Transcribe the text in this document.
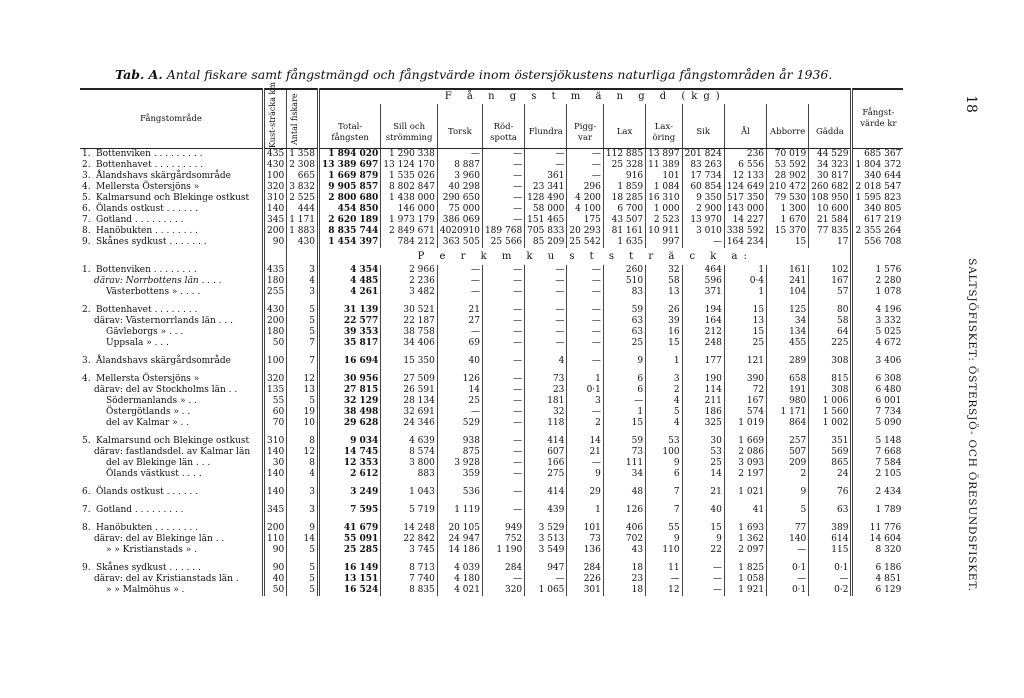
Tab. A. Antal fiskare samt fångstmängd och fångstvärde inom östersjökustens naturliga fångstområden år 1936.
18
SALTSJÖFISKET: ÖSTERSJÖ- OCH ÖRESUNDSFISKET.
Fångstområde	Kust-sträcka km	Antal fiskare	F å n g s t m ä n g d (kg)												Fångst-värde kr
			Total-fångsten	Sill och strömming	Torsk	Röd-spotta	Flundra	Pigg-var	Lax	Lax-öring	Sik	Ål	Abborre	Gädda	
1. Bottenviken . . . . . . . . .	435	1 358	1 894 020	1 290 338	—	—	—	—	112 885	13 897	201 824	236	70 019	44 529	685 367
2. Bottenhavet . . . . . . . . .	430	2 308	13 389 697	13 124 170	8 887	—	—	—	25 328	11 389	83 263	6 556	53 592	34 323	1 804 372
3. Ålandshavs skärgårdsområde	100	665	1 669 879	1 535 026	3 960	—	361	—	916	101	17 734	12 133	28 902	30 817	340 644
4. Mellersta Östersjöns »	320	3 832	9 905 857	8 802 847	40 298	—	23 341	296	1 859	1 084	60 854	124 649	210 472	260 682	2 018 547
5. Kalmarsund och Blekinge ostkust	310	2 525	2 800 680	1 438 000	290 650	—	128 490	4 200	18 285	16 310	9 350	517 350	79 530	108 950	1 595 823
6. Ölands ostkust . . . . . .	140	444	454 850	146 000	75 000	—	58 000	4 100	6 700	1 000	2 900	143 000	1 300	10 600	340 805
7. Gotland . . . . . . . . .	345	1 171	2 620 189	1 973 179	386 069	—	151 465	175	43 507	2 523	13 970	14 227	1 670	21 584	617 219
8. Hanöbukten . . . . . . . .	200	1 883	8 835 744	2 849 671	4020910	189 768	705 833	20 293	81 161	10 911	3 010	338 592	15 370	77 835	2 355 264
9. Skånes sydkust . . . . . . .	90	430	1 454 397	784 212	363 505	25 566	85 209	25 542	1 635	997	—	164 234	15	17	556 708
			P e r k m k u s t s t r ä c k a:												
1. Bottenviken . . . . . . . .	435	3	4 354	2 966	—	—	—	—	260	32	464	1	161	102	1 576
därav: Norrbottens län . . . .	180	4	4 485	2 236	—	—	—	—	510	58	596	0·4	241	167	2 280
Västerbottens » . . . .	255	3	4 261	3 482	—	—	—	—	83	13	371	1	104	57	1 078

2. Bottenhavet . . . . . . . .	430	5	31 139	30 521	21	—	—	—	59	26	194	15	125	80	4 196
därav: Västernorrlands län . . .	200	5	22 577	22 187	27	—	—	—	63	39	164	13	34	58	3 332
Gävleborgs » . . .	180	5	39 353	38 758	—	—	—	—	63	16	212	15	134	64	5 025
Uppsala » . . .	50	7	35 817	34 406	69	—	—	—	25	15	248	25	455	225	4 672

3. Ålandshavs skärgårdsområde	100	7	16 694	15 350	40	—	4	—	9	1	177	121	289	308	3 406

4. Mellersta Östersjöns »	320	12	30 956	27 509	126	—	73	1	6	3	190	390	658	815	6 308
därav: del av Stockholms län . .	135	13	27 815	26 591	14	—	23	0·1	6	2	114	72	191	308	6 480
Södermanlands » . .	55	5	32 129	28 134	25	—	181	3	—	4	211	167	980	1 006	6 001
Östergötlands » . .	60	19	38 498	32 691	—	—	32	—	1	5	186	574	1 171	1 560	7 734
del av Kalmar » . .	70	10	29 628	24 346	529	—	118	2	15	4	325	1 019	864	1 002	5 090

5. Kalmarsund och Blekinge ostkust	310	8	9 034	4 639	938	—	414	14	59	53	30	1 669	257	351	5 148
därav: fastlandsdel. av Kalmar län	140	12	14 745	8 574	875	—	607	21	73	100	53	2 086	507	569	7 668
del av Blekinge län . . .	30	8	12 353	3 800	3 928	—	166	—	111	9	25	3 093	209	865	7 584
Ölands västkust . . . .	140	4	2 612	883	359	—	275	9	34	6	14	2 197	2	24	2 105

6. Ölands ostkust . . . . . .	140	3	3 249	1 043	536	—	414	29	48	7	21	1 021	9	76	2 434

7. Gotland . . . . . . . . .	345	3	7 595	5 719	1 119	—	439	1	126	7	40	41	5	63	1 789

8. Hanöbukten . . . . . . . .	200	9	41 679	14 248	20 105	949	3 529	101	406	55	15	1 693	77	389	11 776
därav: del av Blekinge län . .	110	14	55 091	22 842	24 947	752	3 513	73	702	9	9	1 362	140	614	14 604
» » Kristianstads » .	90	5	25 285	3 745	14 186	1 190	3 549	136	43	110	22	2 097	—	115	8 320

9. Skånes sydkust . . . . . .	90	5	16 149	8 713	4 039	284	947	284	18	11	—	1 825	0·1	0·1	6 186
därav: del av Kristianstads län .	40	5	13 151	7 740	4 180	—	—	226	23	—	—	1 058	—	—	4 851
» » Malmöhus » .	50	5	16 524	8 835	4 021	320	1 065	301	18	12	—	1 921	0·1	0·2	6 129
